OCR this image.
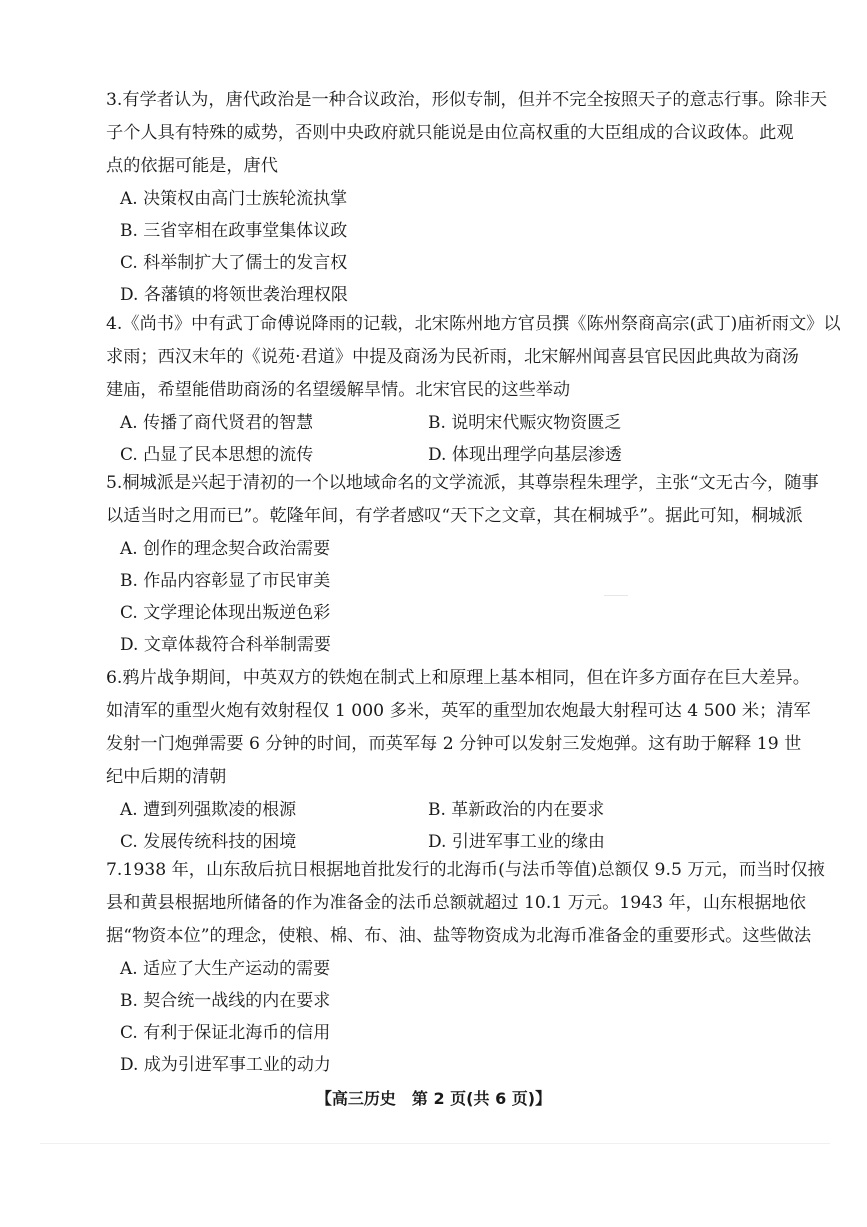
3.有学者认为，唐代政治是一种合议政治，形似专制，但并不完全按照天子的意志行事。除非天
子个人具有特殊的威势，否则中央政府就只能说是由位高权重的大臣组成的合议政体。此观
点的依据可能是，唐代
A. 决策权由高门士族轮流执掌
B. 三省宰相在政事堂集体议政
C. 科举制扩大了儒士的发言权
D. 各藩镇的将领世袭治理权限
4.《尚书》中有武丁命傅说降雨的记载，北宋陈州地方官员撰《陈州祭商高宗(武丁)庙祈雨文》以
求雨；西汉末年的《说苑·君道》中提及商汤为民祈雨，北宋解州闻喜县官民因此典故为商汤
建庙，希望能借助商汤的名望缓解旱情。北宋官民的这些举动
A. 传播了商代贤君的智慧	B. 说明宋代赈灾物资匮乏
C. 凸显了民本思想的流传	D. 体现出理学向基层渗透
5.桐城派是兴起于清初的一个以地域命名的文学流派，其尊崇程朱理学，主张“文无古今，随事
以适当时之用而已”。乾隆年间，有学者感叹“天下之文章，其在桐城乎”。据此可知，桐城派
A. 创作的理念契合政治需要
B. 作品内容彰显了市民审美
C. 文学理论体现出叛逆色彩
D. 文章体裁符合科举制需要
6.鸦片战争期间，中英双方的铁炮在制式上和原理上基本相同，但在许多方面存在巨大差异。
如清军的重型火炮有效射程仅 1 000 多米，英军的重型加农炮最大射程可达 4 500 米；清军
发射一门炮弹需要 6 分钟的时间，而英军每 2 分钟可以发射三发炮弹。这有助于解释 19 世
纪中后期的清朝
A. 遭到列强欺凌的根源	B. 革新政治的内在要求
C. 发展传统科技的困境	D. 引进军事工业的缘由
7.1938 年，山东敌后抗日根据地首批发行的北海币(与法币等值)总额仅 9.5 万元，而当时仅掖
县和黄县根据地所储备的作为准备金的法币总额就超过 10.1 万元。1943 年，山东根据地依
据“物资本位”的理念，使粮、棉、布、油、盐等物资成为北海币准备金的重要形式。这些做法
A. 适应了大生产运动的需要
B. 契合统一战线的内在要求
C. 有利于保证北海币的信用
D. 成为引进军事工业的动力
【高三历史　第 2 页(共 6 页)】
